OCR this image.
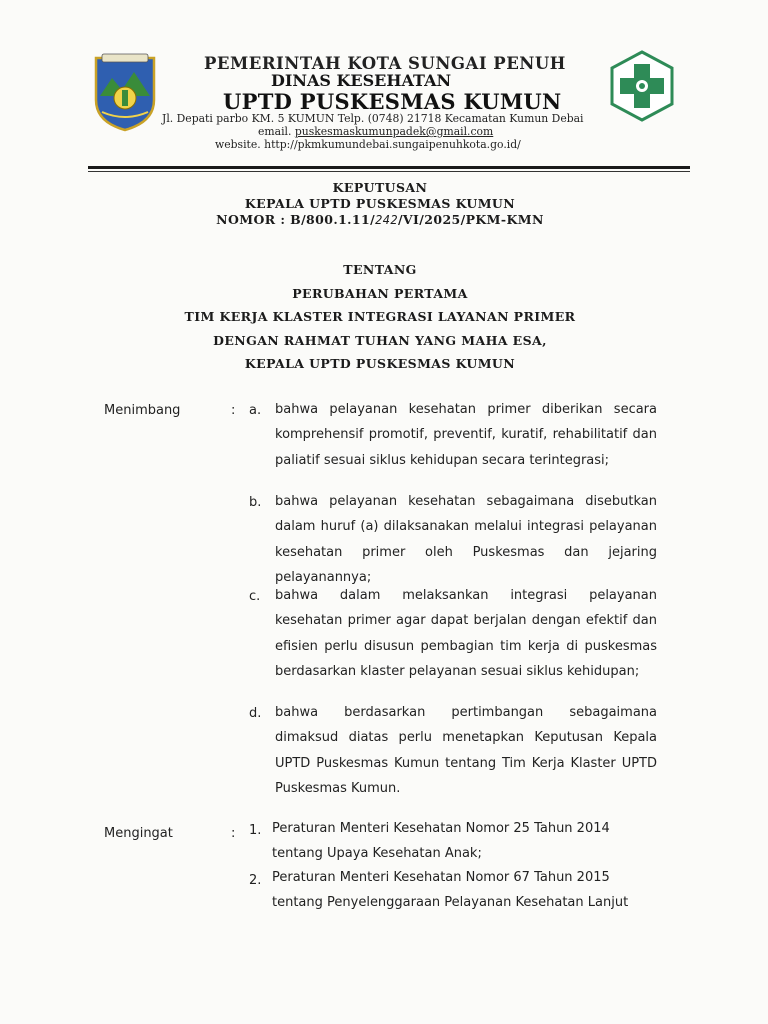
PEMERINTAH KOTA SUNGAI PENUH
DINAS KESEHATAN
UPTD PUSKESMAS KUMUN
Jl. Depati parbo KM. 5 KUMUN Telp. (0748) 21718 Kecamatan Kumun Debai
email. puskesmaskumunpadek@gmail.com
website. http://pkmkumundebai.sungaipenuhkota.go.id/
KEPUTUSAN
KEPALA UPTD PUSKESMAS KUMUN
NOMOR : B/800.1.11/242/VI/2025/PKM-KMN
TENTANG
PERUBAHAN PERTAMA
TIM KERJA KLASTER INTEGRASI LAYANAN PRIMER
DENGAN RAHMAT TUHAN YANG MAHA ESA,
KEPALA UPTD PUSKESMAS KUMUN
Menimbang	: a. bahwa pelayanan kesehatan primer diberikan secara komprehensif promotif, preventif, kuratif, rehabilitatif dan paliatif sesuai siklus kehidupan secara terintegrasi;
b. bahwa pelayanan kesehatan sebagaimana disebutkan dalam huruf (a) dilaksanakan melalui integrasi pelayanan kesehatan primer oleh Puskesmas dan jejaring pelayanannya;
c. bahwa dalam melaksankan integrasi pelayanan kesehatan primer agar dapat berjalan dengan efektif dan efisien perlu disusun pembagian tim kerja di puskesmas berdasarkan klaster pelayanan sesuai siklus kehidupan;
d. bahwa berdasarkan pertimbangan sebagaimana dimaksud diatas perlu menetapkan Keputusan Kepala UPTD Puskesmas Kumun tentang Tim Kerja Klaster UPTD Puskesmas Kumun.
Mengingat	: 1. Peraturan Menteri Kesehatan Nomor 25 Tahun 2014 tentang Upaya Kesehatan Anak;
2. Peraturan Menteri Kesehatan Nomor 67 Tahun 2015 tentang Penyelenggaraan Pelayanan Kesehatan Lanjut
